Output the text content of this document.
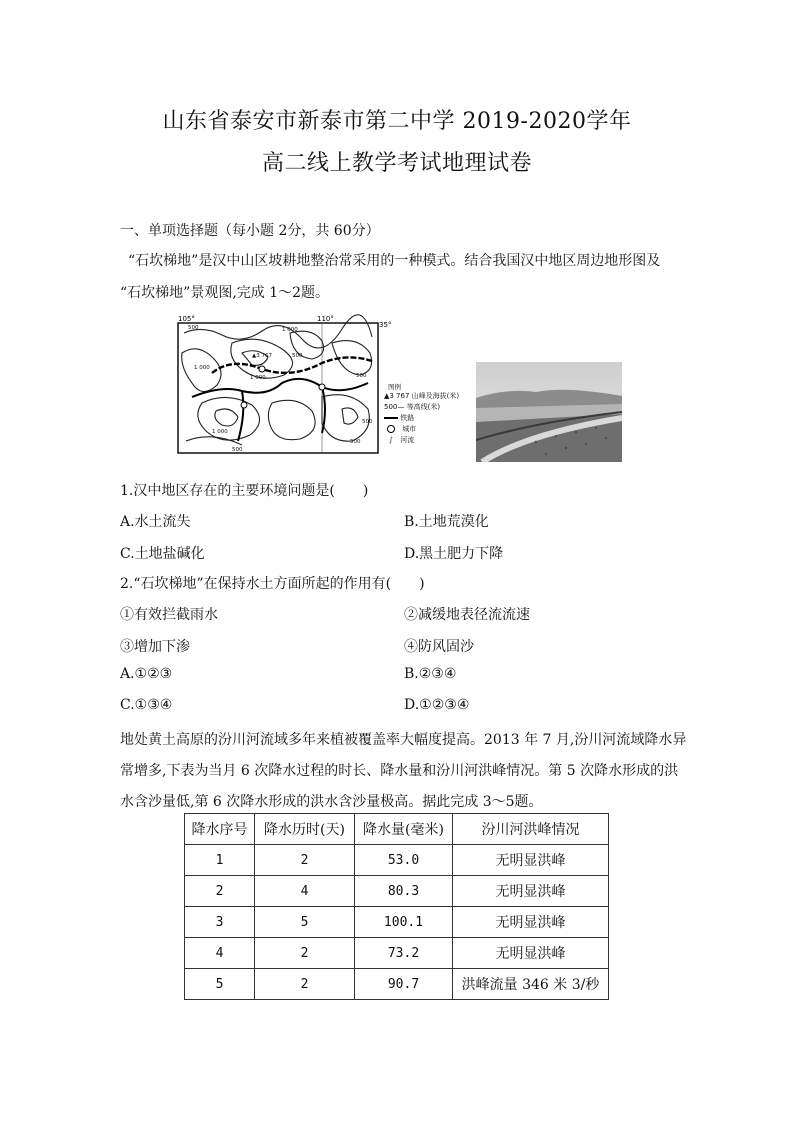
山东省泰安市新泰市第二中学 2019-2020学年
高二线上教学考试地理试卷
一、单项选择题（每小题 2分，共 60分）
“石坎梯地”是汉中山区坡耕地整治常采用的一种模式。结合我国汉中地区周边地形图及
“石坎梯地”景观图,完成 1～2题。
105°	110°
35°
500	1 000
1 000
500
1 000
500
500
1 000
500
500
▲3 767
图例
▲3 767 山峰及海拔(米)
500— 等高线(米)
铁路
城市
∫ 河流
1.汉中地区存在的主要环境问题是(　　)
A.水土流失	B.土地荒漠化
C.土地盐碱化	D.黑土肥力下降
2.“石坎梯地”在保持水土方面所起的作用有(　　)
①有效拦截雨水	②减缓地表径流流速
③增加下渗	④防风固沙
A.①②③	B.②③④
C.①③④	D.①②③④
地处黄土高原的汾川河流域多年来植被覆盖率大幅度提高。2013 年 7 月,汾川河流域降水异
常增多,下表为当月 6 次降水过程的时长、降水量和汾川河洪峰情况。第 5 次降水形成的洪
水含沙量低,第 6 次降水形成的洪水含沙量极高。据此完成 3～5题。
降水序号	降水历时(天)	降水量(毫米)	汾川河洪峰情况
1	2	53.0	无明显洪峰
2	4	80.3	无明显洪峰
3	5	100.1	无明显洪峰
4	2	73.2	无明显洪峰
5	2	90.7	洪峰流量 346 米 3/秒
